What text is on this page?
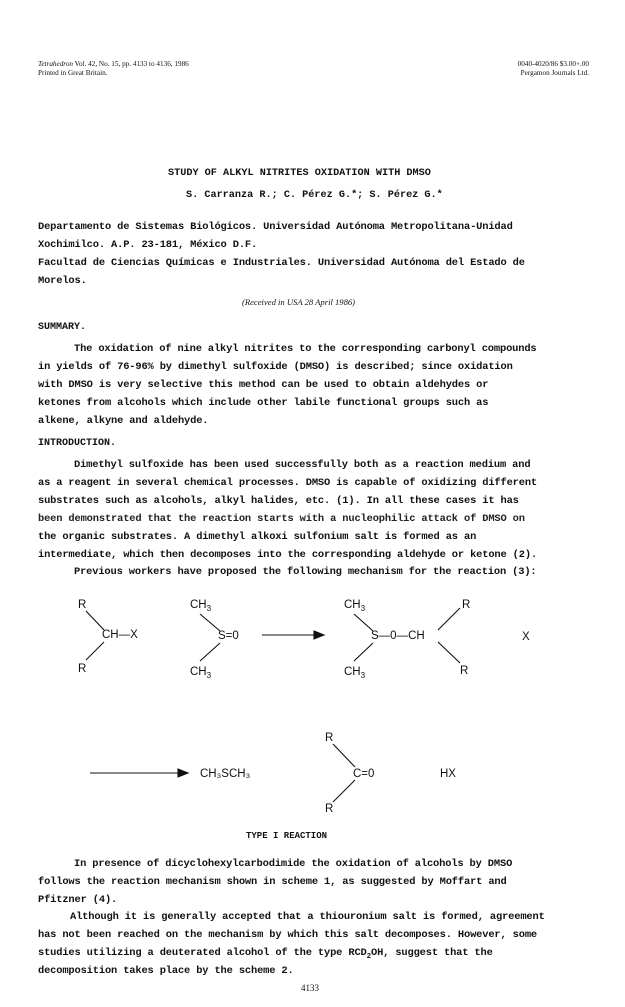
Tetrahedron Vol. 42, No. 15, pp. 4133 to 4136, 1986
Printed in Great Britain.
0040-4020/86 $3.00+.00
Pergamon Journals Ltd.
STUDY OF ALKYL NITRITES OXIDATION WITH DMSO
S. Carranza R.; C. Pérez G.*; S. Pérez G.*
Departamento de Sistemas Biológicos. Universidad Autónoma Metropolitana-Unidad
Xochimilco. A.P. 23-181, México D.F.
Facultad de Ciencias Químicas e Industriales. Universidad Autónoma del Estado de
Morelos.
(Received in USA 28 April 1986)
SUMMARY.
The oxidation of nine alkyl nitrites to the corresponding carbonyl compounds
in yields of 76-96% by dimethyl sulfoxide (DMSO) is described; since oxidation
with DMSO is very selective this method can be used to obtain aldehydes or
ketones from alcohols which include other labile functional groups such as
alkene, alkyne and aldehyde.
INTRODUCTION.
Dimethyl sulfoxide has been used successfully both as a reaction medium and
as a reagent in several chemical processes. DMSO is capable of oxidizing different
substrates such as alcohols, alkyl halides, etc. (1). In all these cases it has
been demonstrated that the reaction starts with a nucleophilic attack of DMSO on
the organic substrates. A dimethyl alkoxi sulfonium salt is formed as an
intermediate, which then decomposes into the corresponding aldehyde or ketone (2).
Previous workers have proposed the following mechanism for the reaction (3):
R
CH—X
R
$CH_3$
S=0
$CH_3$
$CH_3$
S—0—CH
$CH_3$
R
R
X
CH₃SCH₃
R
C=0
R
HX
TYPE I REACTION
In presence of dicyclohexylcarbodimide the oxidation of alcohols by DMSO
follows the reaction mechanism shown in scheme 1, as suggested by Moffart and
Pfitzner (4).
Although it is generally accepted that a thiouronium salt is formed, agreement
has not been reached on the mechanism by which this salt decomposes. However, some
studies utilizing a deuterated alcohol of the type $RCD_2OH$, suggest that the
decomposition takes place by the scheme 2.
4133
